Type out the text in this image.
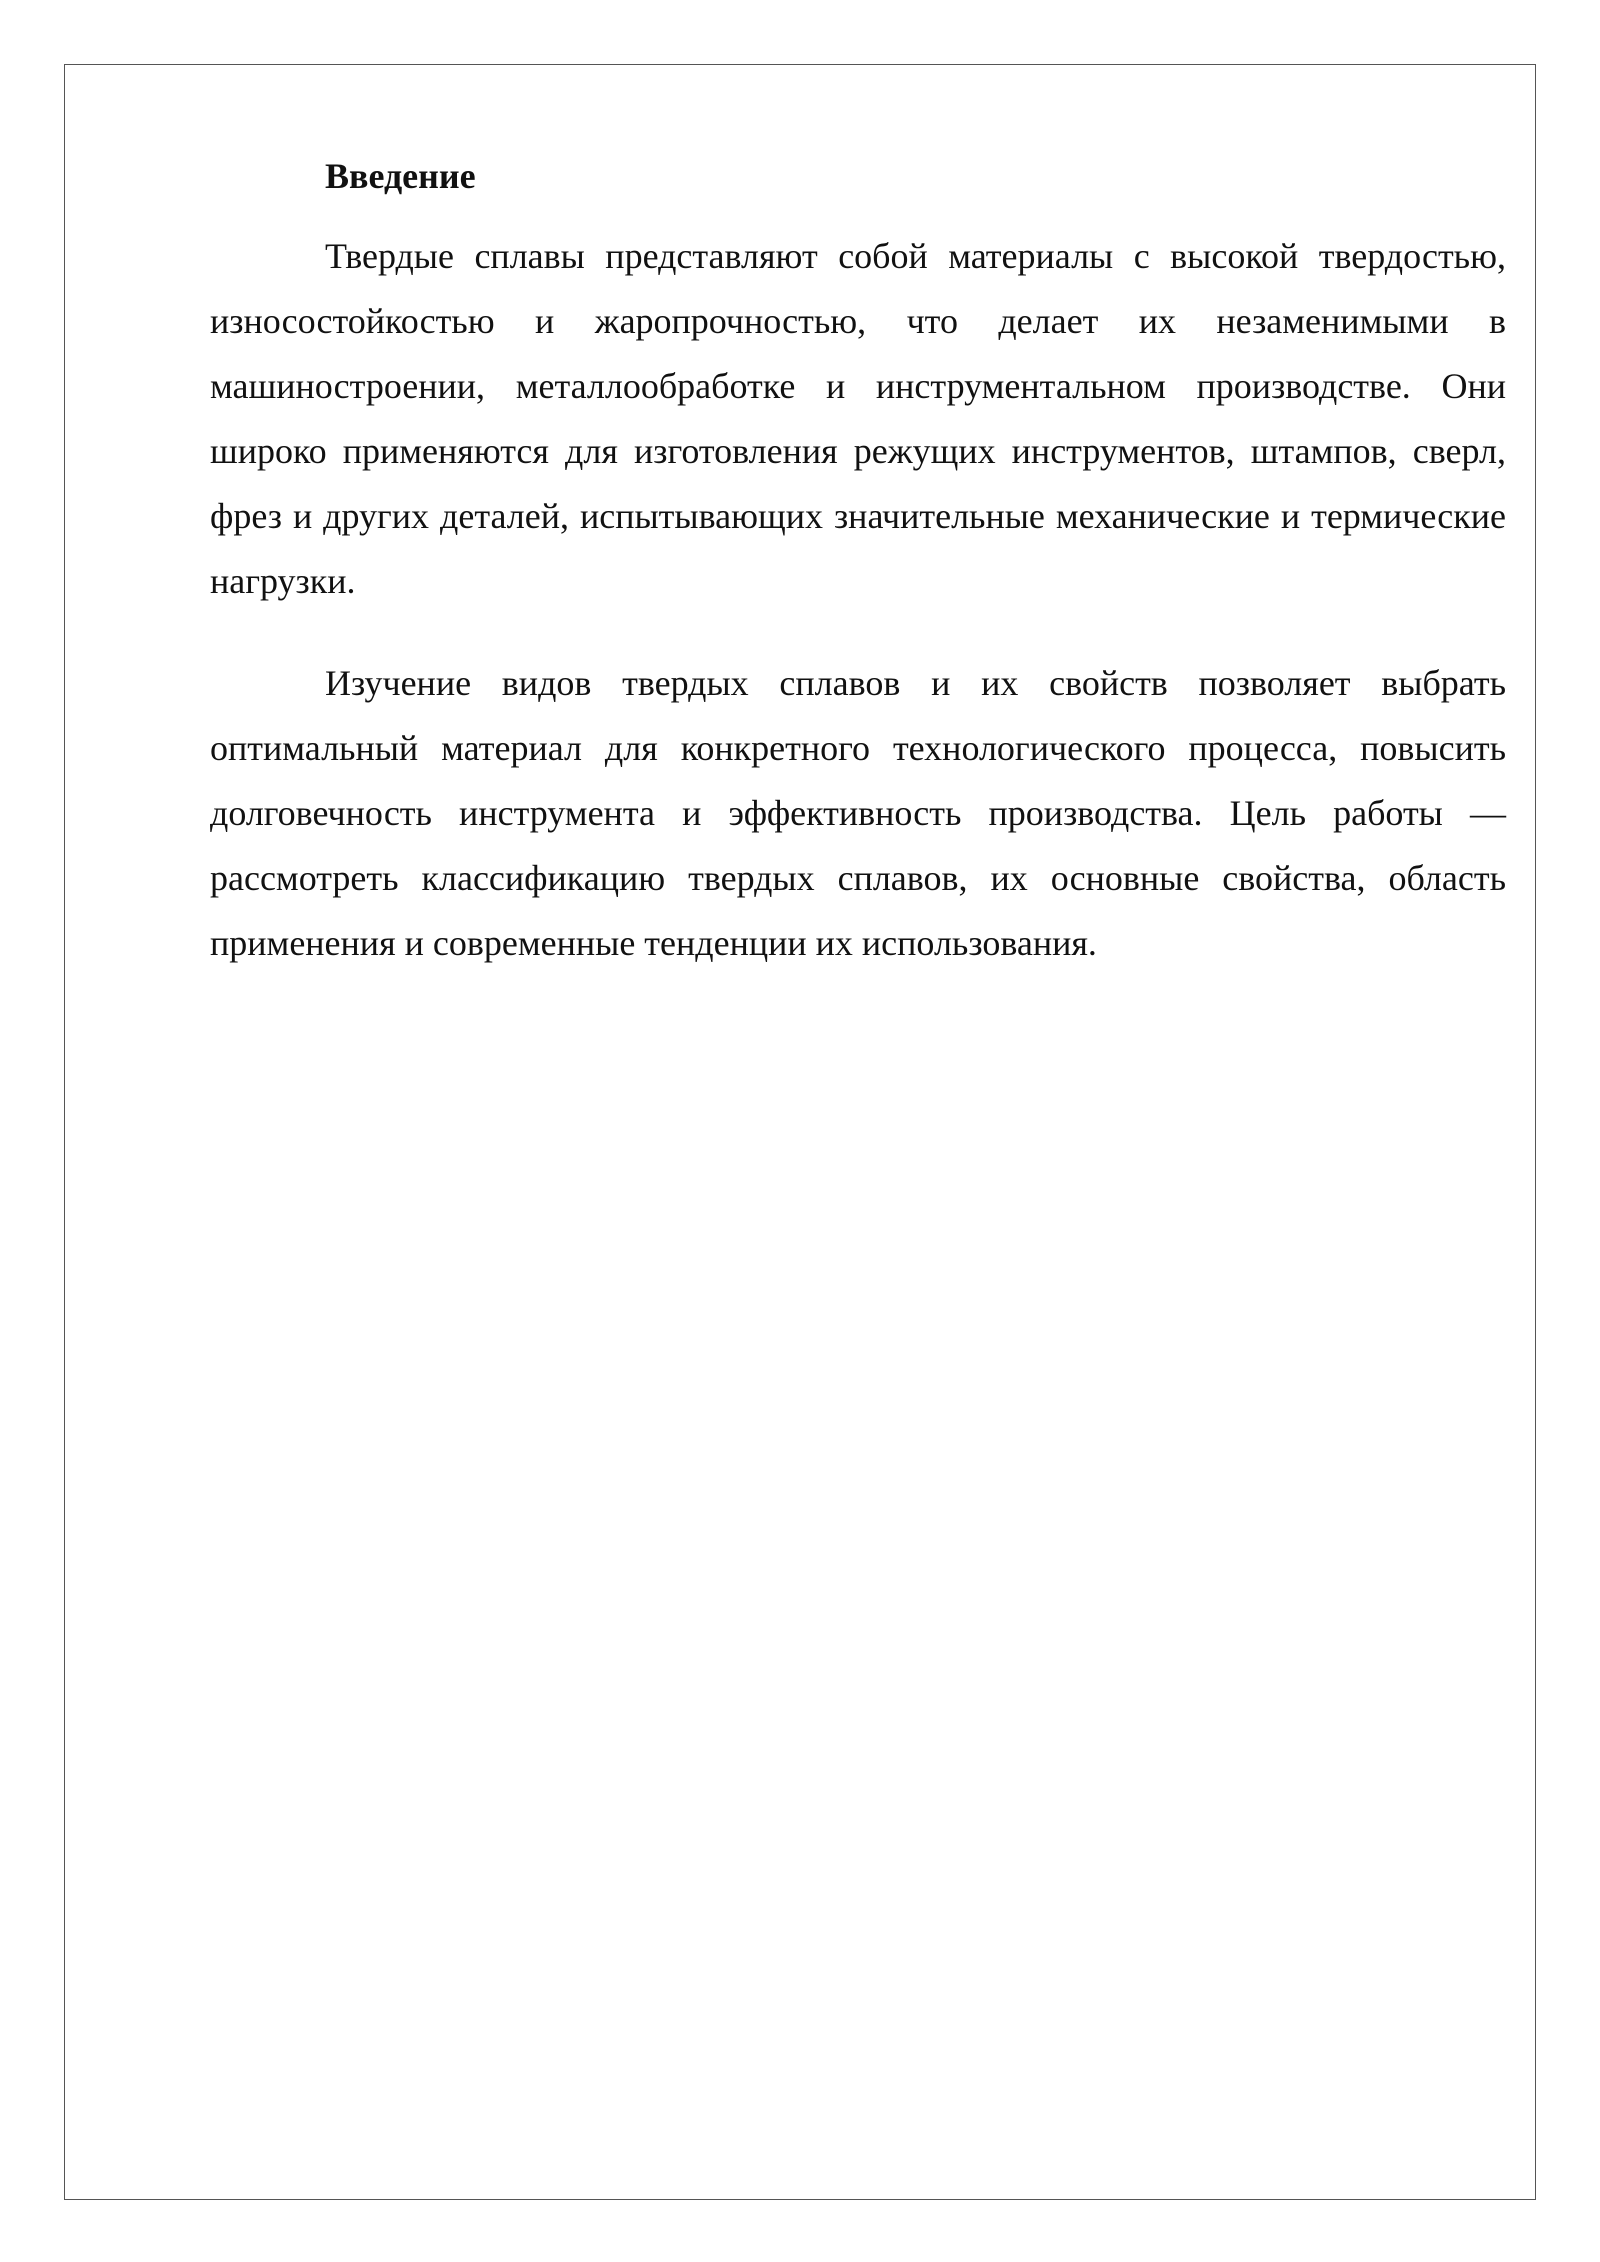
Введение

Твердые сплавы представляют собой материалы с высокой твердостью, износостойкостью и жаропрочностью, что делает их незаменимыми в машиностроении, металлообработке и инструментальном производстве. Они широко применяются для изготовления режущих инструментов, штампов, сверл, фрез и других деталей, испытывающих значительные механические и термические нагрузки.

Изучение видов твердых сплавов и их свойств позволяет выбрать оптимальный материал для конкретного технологического процесса, повысить долговечность инструмента и эффективность производства. Цель работы — рассмотреть классификацию твердых сплавов, их основные свойства, область применения и современные тенденции их использования.
